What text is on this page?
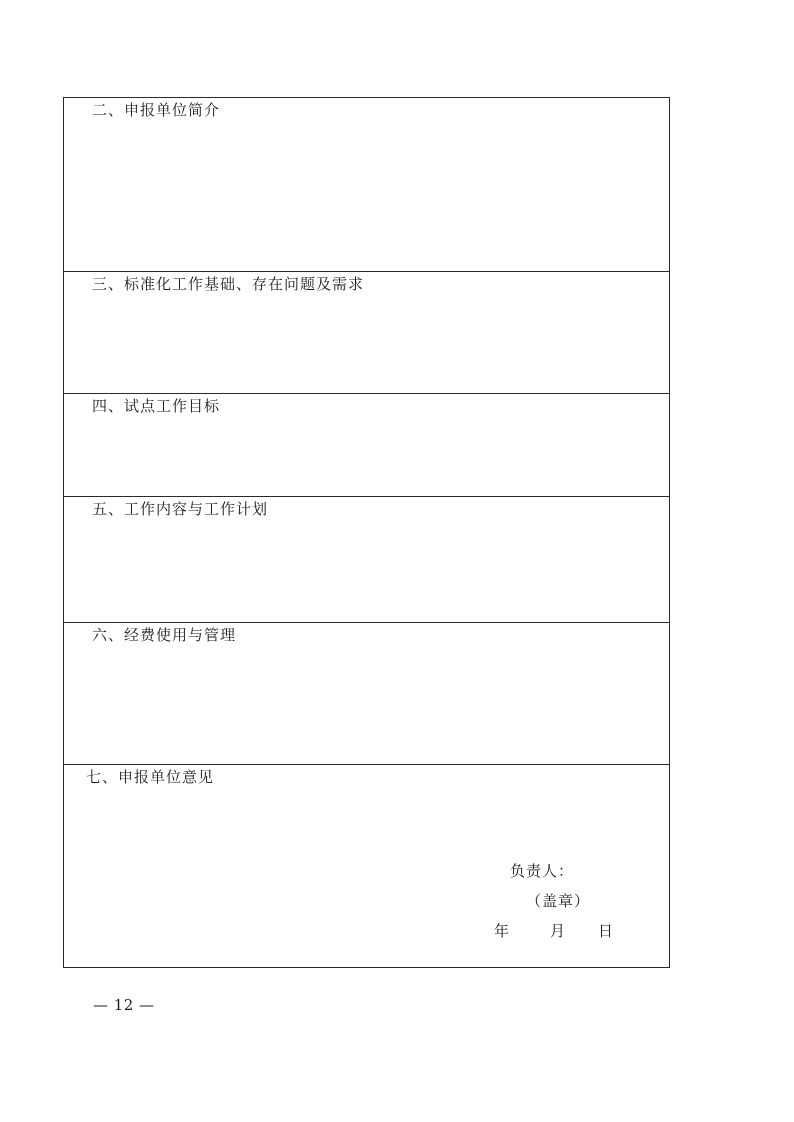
二、申报单位简介

三、标准化工作基础、存在问题及需求

四、试点工作目标

五、工作内容与工作计划

六、经费使用与管理

七、申报单位意见
负责人：
（盖章）
年	月 日
— 12 —
